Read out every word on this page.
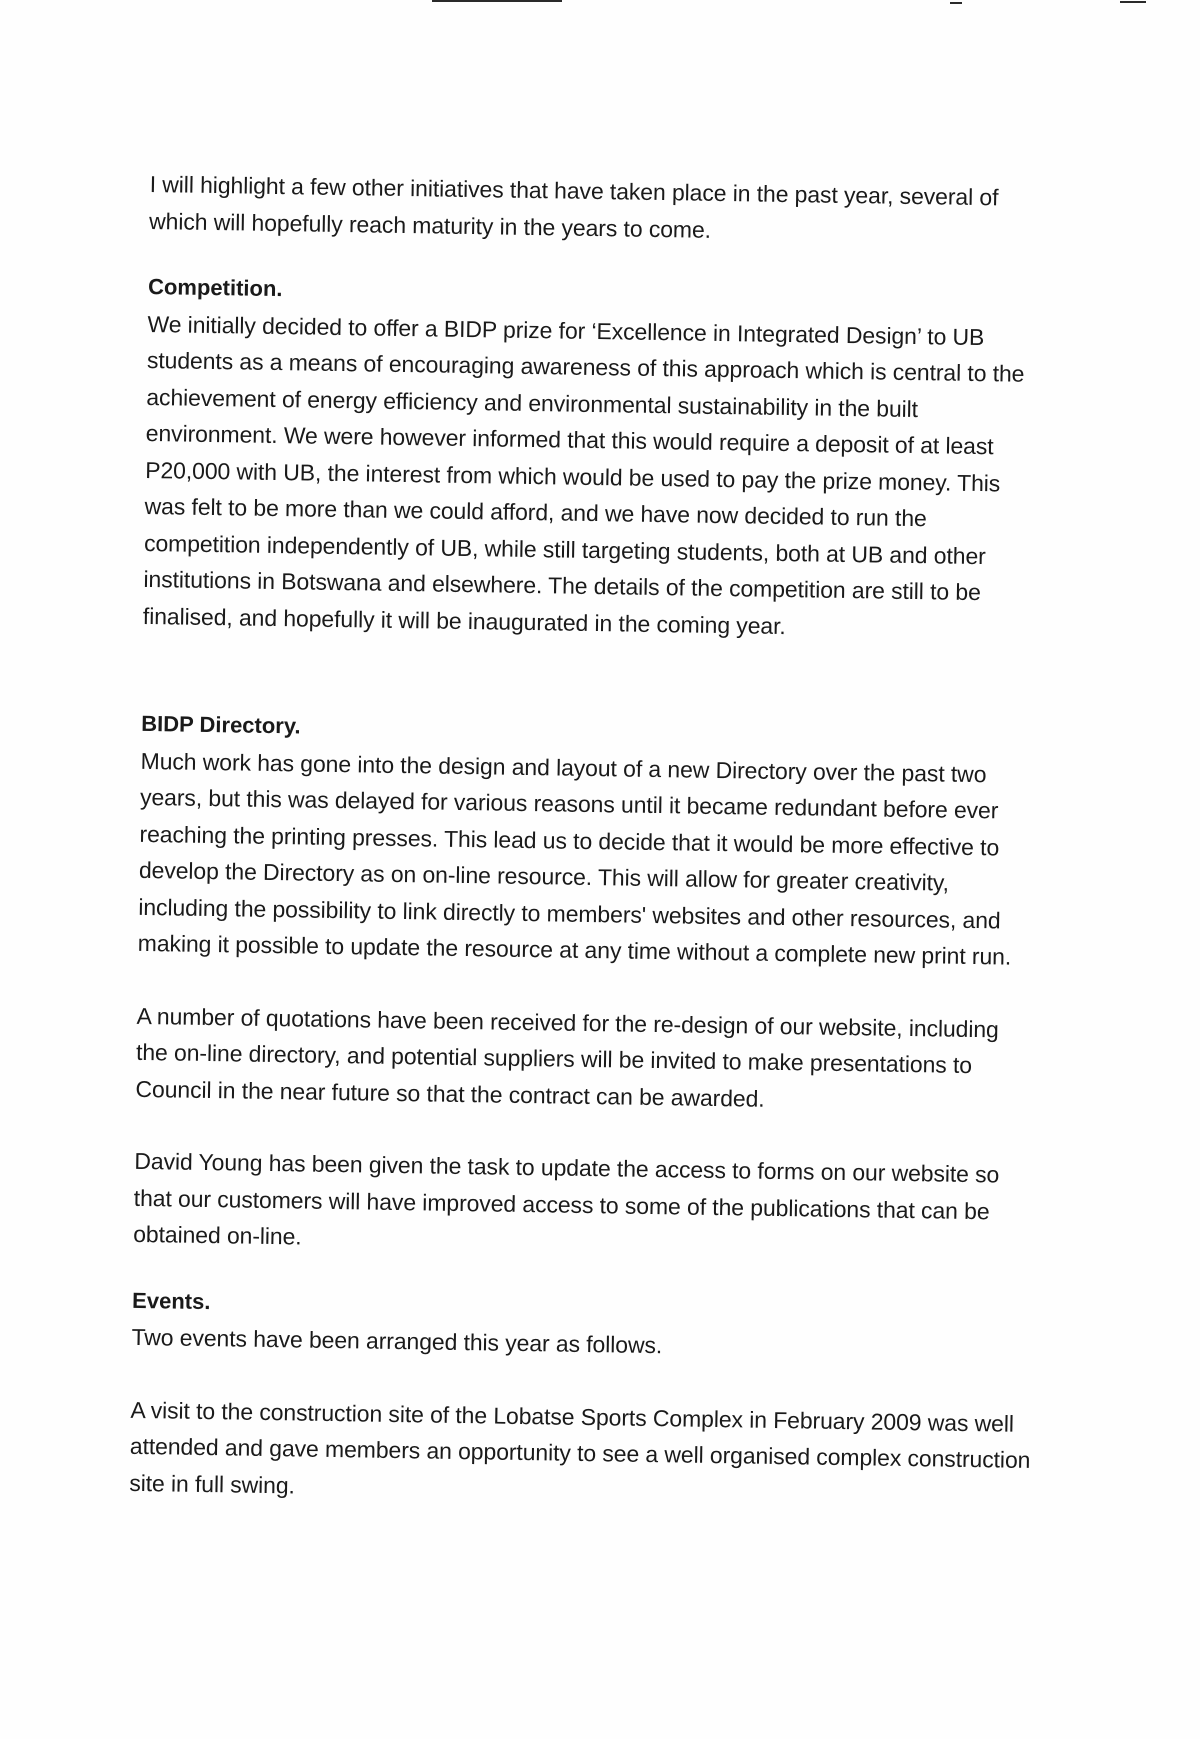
I will highlight a few other initiatives that have taken place in the past year, several of
which will hopefully reach maturity in the years to come.

Competition.

We initially decided to offer a BIDP prize for ‘Excellence in Integrated Design’ to UB
students as a means of encouraging awareness of this approach which is central to the
achievement of energy efficiency and environmental sustainability in the built
environment. We were however informed that this would require a deposit of at least
P20,000 with UB, the interest from which would be used to pay the prize money. This
was felt to be more than we could afford, and we have now decided to run the
competition independently of UB, while still targeting students, both at UB and other
institutions in Botswana and elsewhere. The details of the competition are still to be
finalised, and hopefully it will be inaugurated in the coming year.

BIDP Directory.

Much work has gone into the design and layout of a new Directory over the past two
years, but this was delayed for various reasons until it became redundant before ever
reaching the printing presses. This lead us to decide that it would be more effective to
develop the Directory as on on-line resource. This will allow for greater creativity,
including the possibility to link directly to members' websites and other resources, and
making it possible to update the resource at any time without a complete new print run.
A number of quotations have been received for the re-design of our website, including
the on-line directory, and potential suppliers will be invited to make presentations to
Council in the near future so that the contract can be awarded.
David Young has been given the task to update the access to forms on our website so
that our customers will have improved access to some of the publications that can be
obtained on-line.

Events.

Two events have been arranged this year as follows.
A visit to the construction site of the Lobatse Sports Complex in February 2009 was well
attended and gave members an opportunity to see a well organised complex construction
site in full swing.
